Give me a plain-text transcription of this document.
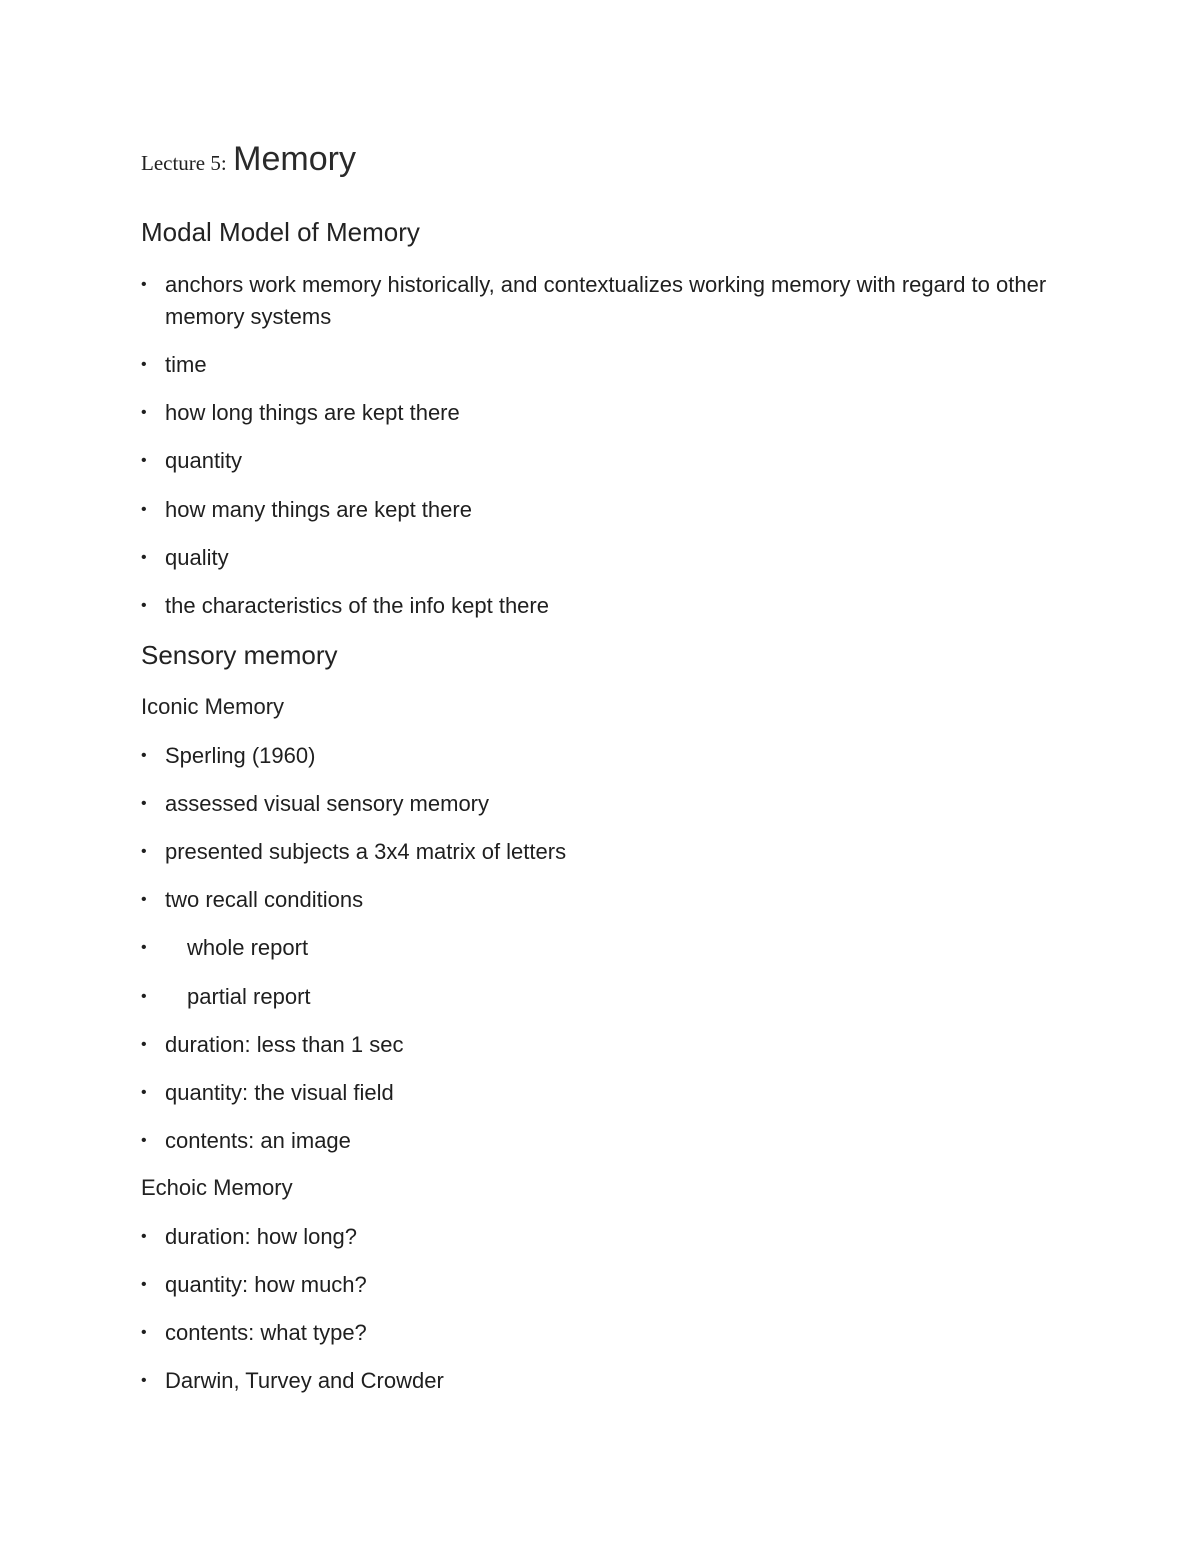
Lecture 5: Memory
Modal Model of Memory
• anchors work memory historically, and contextualizes working memory with regard to other memory systems
• time
• how long things are kept there
• quantity
• how many things are kept there
• quality
• the characteristics of the info kept there
Sensory memory
Iconic Memory
• Sperling (1960)
• assessed visual sensory memory
• presented subjects a 3x4 matrix of letters
• two recall conditions
• whole report
• partial report
• duration: less than 1 sec
• quantity: the visual field
• contents: an image
Echoic Memory
• duration: how long?
• quantity: how much?
• contents: what type?
• Darwin, Turvey and Crowder
